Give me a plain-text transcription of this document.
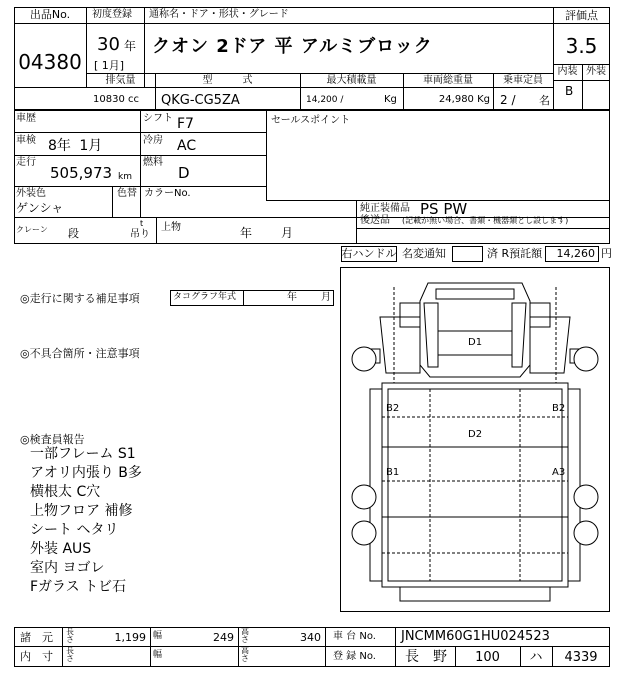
出品No.
04380
初度登録
30 年
[ 1月]
通称名・ドア・形状・グレード
クオン 2ドア 平 アルミブロック
評価点
3.5
内装 外装
B
排気量	型　　　式	最大積載量	車両総重量	乗車定員
10830 cc QKG-CG5ZA	14,200 /	Kg	24,980 Kg 2 / 名
車歴	シフト F7
車検 8年 1月	冷房 AC
走行
505,973 km
燃料
D
外装色
ゲンシャ
色替 カラーNo.
セールスポイント
純正装備品 PS PW
後送品 (記載が無い場合、書類・機器類とし設します)
クレーン 段
t
吊り
上物	年 月
右ハンドル 名変通知	済 R預託額	14,260 円
◎走行に関する補足事項	タコグラフ年式	年 月
◎不具合箇所・注意事項
◎検査員報告
一部フレーム S1
アオリ内張り B多
横根太 C穴
上物フロア 補修
シート ヘタリ
外装 AUS
室内 ヨゴレ
Fガラス トビ石
D1
D2
B2	B2
B1	A3
諸　元 長さ	1,199 幅	249 高さ	340
内　寸 長さ	幅	高さ
車 台 No. JNCMM60G1HU024523
登 録 No. 長　野	100	ハ	4339
